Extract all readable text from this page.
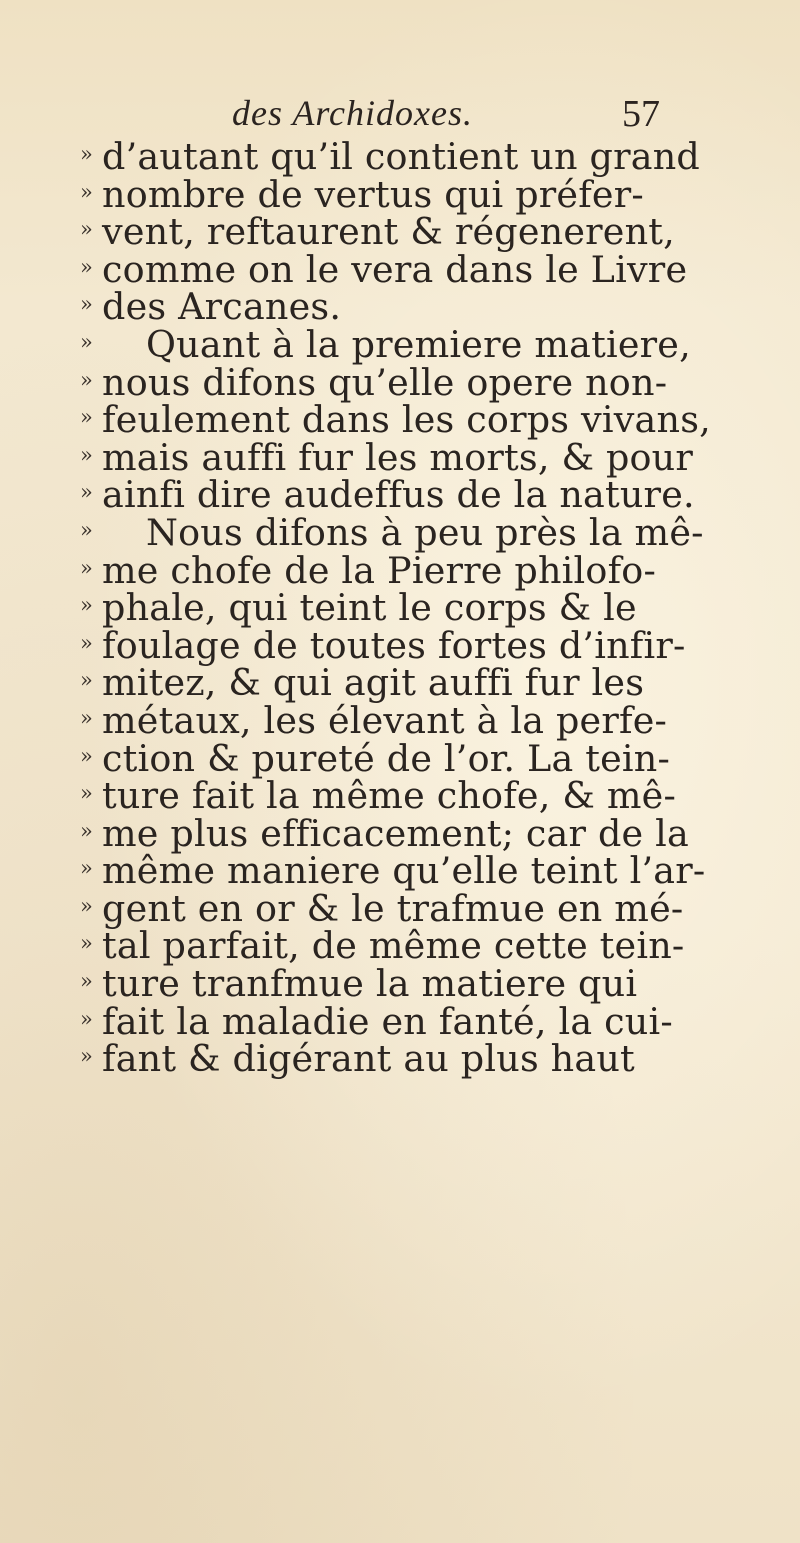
des Archidoxes.	57
» d’autant qu’il contient un grand
» nombre de vertus qui préfer-
» vent, reftaurent & régenerent,
» comme on le vera dans le Livre
» des Arcanes.
» Quant à la premiere matiere,
» nous difons qu’elle opere non-
» feulement dans les corps vivans,
» mais auffi fur les morts, & pour
» ainfi dire audeffus de la nature.
» Nous difons à peu près la mê-
» me chofe de la Pierre philofo-
» phale, qui teint le corps & le
» foulage de toutes fortes d’infir-
» mitez, & qui agit auffi fur les
» métaux, les élevant à la perfe-
» ction & pureté de l’or. La tein-
» ture fait la même chofe, & mê-
» me plus efficacement; car de la
» même maniere qu’elle teint l’ar-
» gent en or & le trafmue en mé-
» tal parfait, de même cette tein-
» ture tranfmue la matiere qui
» fait la maladie en fanté, la cui-
» fant & digérant au plus haut
